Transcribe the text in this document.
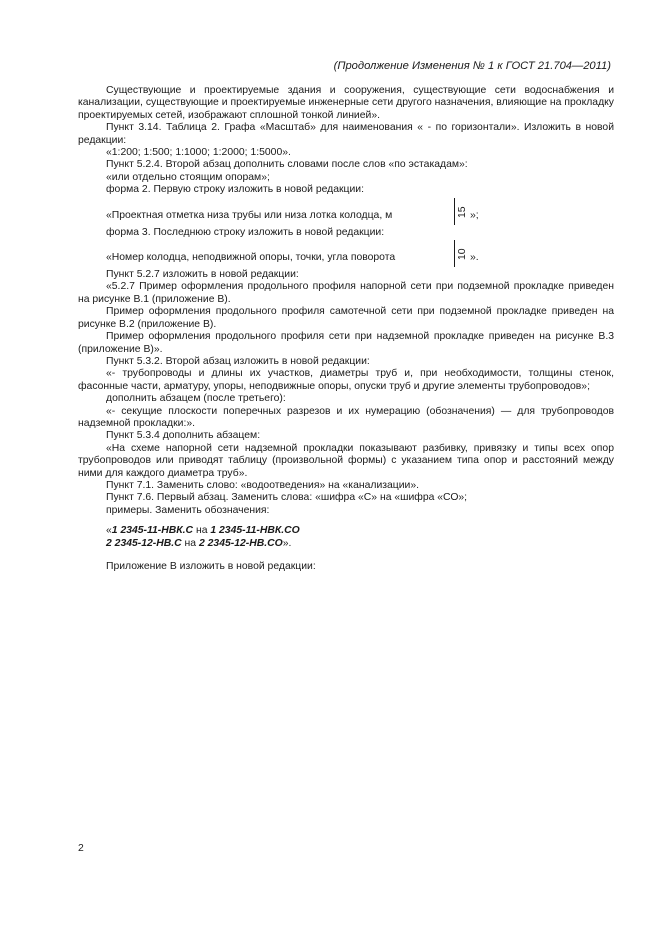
(Продолжение Изменения № 1 к ГОСТ 21.704—2011)

Существующие и проектируемые здания и сооружения, существующие сети водоснабжения и канализации, существующие и проектируемые инженерные сети другого назначения, влияющие на прокладку проектируемых сетей, изображают сплошной тонкой линией».

Пункт 3.14. Таблица 2. Графа «Масштаб» для наименования « - по горизонтали». Изложить в новой редакции:

«1:200; 1:500; 1:1000; 1:2000; 1:5000».

Пункт 5.2.4. Второй абзац дополнить словами после слов «по эстакадам»:

«или отдельно стоящим опорам»;

форма 2. Первую строку изложить в новой редакции:

«Проектная отметка низа трубы или низа лотка колодца, м	15 »;

форма 3. Последнюю строку изложить в новой редакции:

«Номер колодца, неподвижной опоры, точки, угла поворота	10 ».

Пункт 5.2.7 изложить в новой редакции:

«5.2.7 Пример оформления продольного профиля напорной сети при подземной прокладке приведен на рисунке В.1 (приложение В).

Пример оформления продольного профиля самотечной сети при подземной прокладке приведен на рисунке В.2 (приложение В).

Пример оформления продольного профиля сети при надземной прокладке приведен на рисунке В.3 (приложение В)».

Пункт 5.3.2. Второй абзац изложить в новой редакции:

«- трубопроводы и длины их участков, диаметры труб и, при необходимости, толщины стенок, фасонные части, арматуру, упоры, неподвижные опоры, опуски труб и другие элементы трубопроводов»;

дополнить абзацем (после третьего):

«- секущие плоскости поперечных разрезов и их нумерацию (обозначения) — для трубопроводов надземной прокладки:».

Пункт 5.3.4 дополнить абзацем:

«На схеме напорной сети надземной прокладки показывают разбивку, привязку и типы всех опор трубопроводов или приводят таблицу (произвольной формы) с указанием типа опор и расстояний между ними для каждого диаметра труб».

Пункт 7.1. Заменить слово: «водоотведения» на «канализации».

Пункт 7.6. Первый абзац. Заменить слова: «шифра «С» на «шифра «СО»;

примеры. Заменить обозначения:

«1 2345-11-НВК.С на 1 2345-11-НВК.СО

2 2345-12-НВ.С на 2 2345-12-НВ.СО».

Приложение В изложить в новой редакции:

2
